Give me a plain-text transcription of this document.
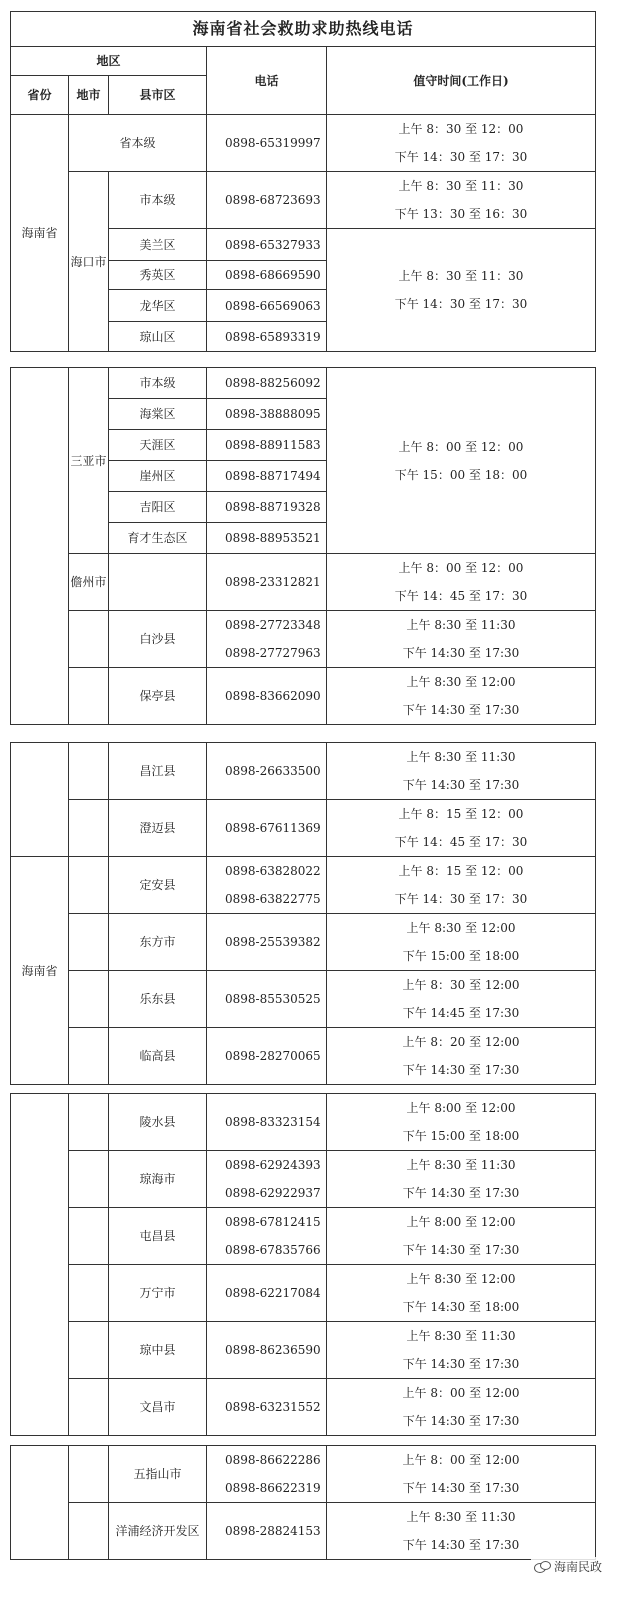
海南省社会救助求助热线电话				
地区			电话	值守时间(工作日)
省份	地市	县市区		
海南省	省本级		0898-65319997	上午 8：30 至 12：00
下午 14：30 至 17：30

	海口市	市本级	0898-68723693	上午 8：30 至 11：30
下午 13：30 至 16：30

		美兰区	0898-65327933	上午 8：30 至 11：30
下午 14：30 至 17：30

		秀英区	0898-68669590	
		龙华区	0898-66569063	
		琼山区	0898-65893319	
	三亚市	市本级	0898-88256092	上午 8：00 至 12：00
下午 15：00 至 18：00

		海棠区	0898-38888095	
		天涯区	0898-88911583	
		崖州区	0898-88717494	
		吉阳区	0898-88719328	
		育才生态区	0898-88953521	
	儋州市		0898-23312821	上午 8：00 至 12：00
下午 14：45 至 17：30

		白沙县	0898-27723348
0898-27727963	上午 8:30 至 11:30
下午 14:30 至 17:30

		保亭县	0898-83662090	上午 8:30 至 12:00
下午 14:30 至 17:30
		昌江县	0898-26633500	上午 8:30 至 11:30
下午 14:30 至 17:30

		澄迈县	0898-67611369	上午 8：15 至 12：00
下午 14：45 至 17：30

海南省		定安县	0898-63828022
0898-63822775	上午 8：15 至 12：00
下午 14：30 至 17：30

		东方市	0898-25539382	上午 8:30 至 12:00
下午 15:00 至 18:00

		乐东县	0898-85530525	上午 8：30 至 12:00
下午 14:45 至 17:30

		临高县	0898-28270065	上午 8：20 至 12:00
下午 14:30 至 17:30
		陵水县	0898-83323154	上午 8:00 至 12:00
下午 15:00 至 18:00

		琼海市	0898-62924393
0898-62922937	上午 8:30 至 11:30
下午 14:30 至 17:30

		屯昌县	0898-67812415
0898-67835766	上午 8:00 至 12:00
下午 14:30 至 17:30

		万宁市	0898-62217084	上午 8:30 至 12:00
下午 14:30 至 18:00

		琼中县	0898-86236590	上午 8:30 至 11:30
下午 14:30 至 17:30

		文昌市	0898-63231552	上午 8：00 至 12:00
下午 14:30 至 17:30
		五指山市	0898-86622286
0898-86622319	上午 8：00 至 12:00
下午 14:30 至 17:30

		洋浦经济开发区	0898-28824153	上午 8:30 至 11:30
下午 14:30 至 17:30
海南民政
